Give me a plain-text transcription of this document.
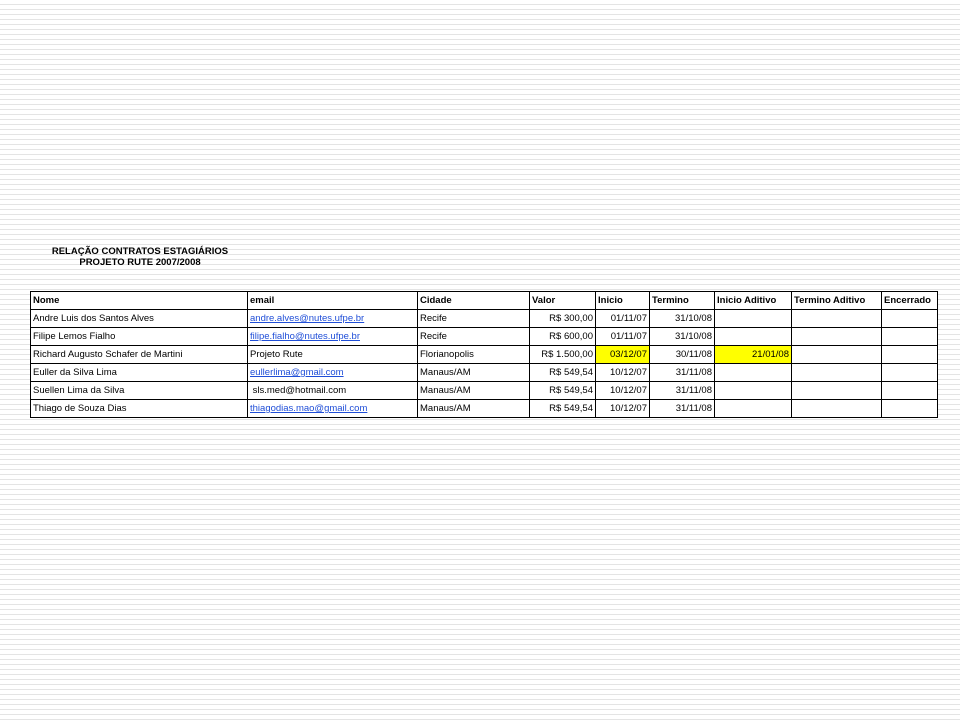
RELAÇÃO CONTRATOS ESTAGIÁRIOS
PROJETO RUTE 2007/2008
Nome	email	Cidade	Valor	Inicio	Termino	Inicio Aditivo	Termino Aditivo	Encerrado
Andre Luis dos Santos Alves	andre.alves@nutes.ufpe.br	Recife	R$ 300,00	01/11/07	31/10/08			
Filipe Lemos Fialho	filipe.fialho@nutes.ufpe.br	Recife	R$ 600,00	01/11/07	31/10/08			
Richard Augusto Schafer de Martini	Projeto Rute	Florianopolis	R$ 1.500,00	03/12/07	30/11/08	21/01/08		
Euller da Silva Lima	eullerlima@gmail.com	Manaus/AM	R$ 549,54	10/12/07	31/11/08			
Suellen Lima da Silva	sls.med@hotmail.com	Manaus/AM	R$ 549,54	10/12/07	31/11/08			
Thiago de Souza Dias	thiagodias.mao@gmail.com	Manaus/AM	R$ 549,54	10/12/07	31/11/08			
